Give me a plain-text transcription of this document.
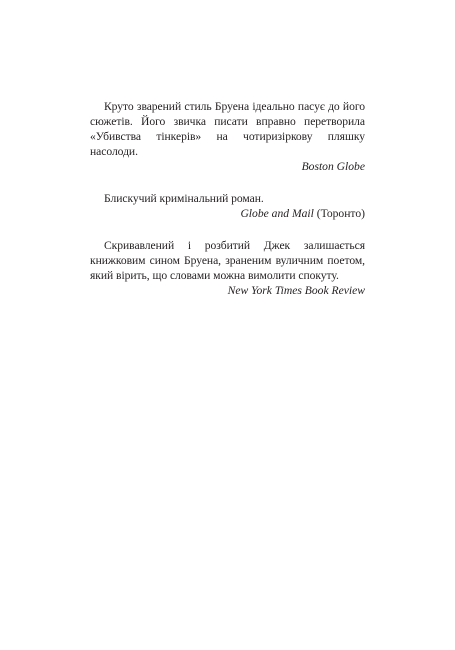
Круто зварений стиль Бруена ідеально пасує до його сюжетів. Його звичка писати вправно перетворила «Убивства тінкерів» на чотиризіркову пляшку насолоди.

Boston Globe

Блискучий кримінальний роман.

Globe and Mail (Торонто)

Скривавлений і розбитий Джек залишається книжковим сином Бруена, зраненим вуличним поетом, який вірить, що словами можна вимолити спокуту.

New York Times Book Review
